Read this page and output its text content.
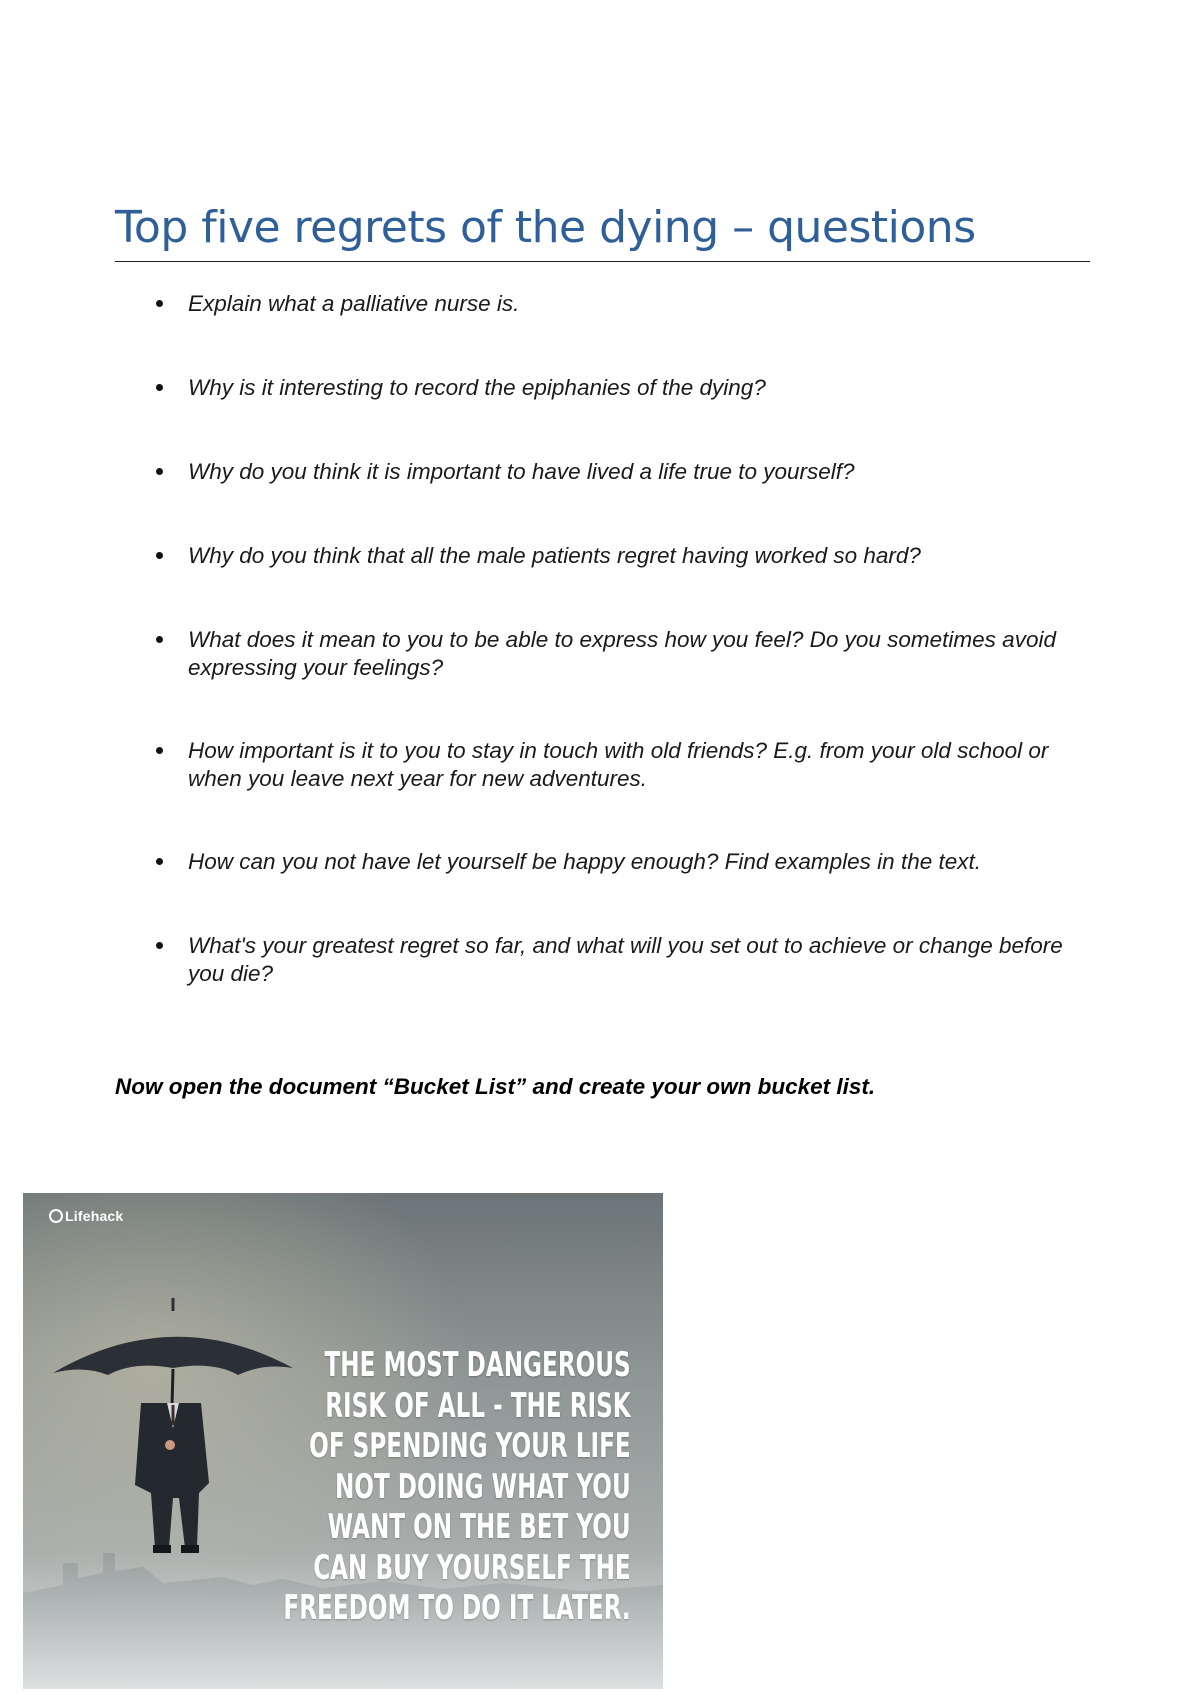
Top five regrets of the dying – questions
Explain what a palliative nurse is.
Why is it interesting to record the epiphanies of the dying?
Why do you think it is important to have lived a life true to yourself?
Why do you think that all the male patients regret having worked so hard?
What does it mean to you to be able to express how you feel? Do you sometimes avoid expressing your feelings?
How important is it to you to stay in touch with old friends? E.g. from your old school or when you leave next year for new adventures.
How can you not have let yourself be happy enough? Find examples in the text.
What's your greatest regret so far, and what will you set out to achieve or change before you die?

Now open the document “Bucket List” and create your own bucket list.

Lifehack

THE MOST DANGEROUS
RISK OF ALL - THE RISK
OF SPENDING YOUR LIFE
NOT DOING WHAT YOU
WANT ON THE BET YOU
CAN BUY YOURSELF THE
FREEDOM TO DO IT LATER.
